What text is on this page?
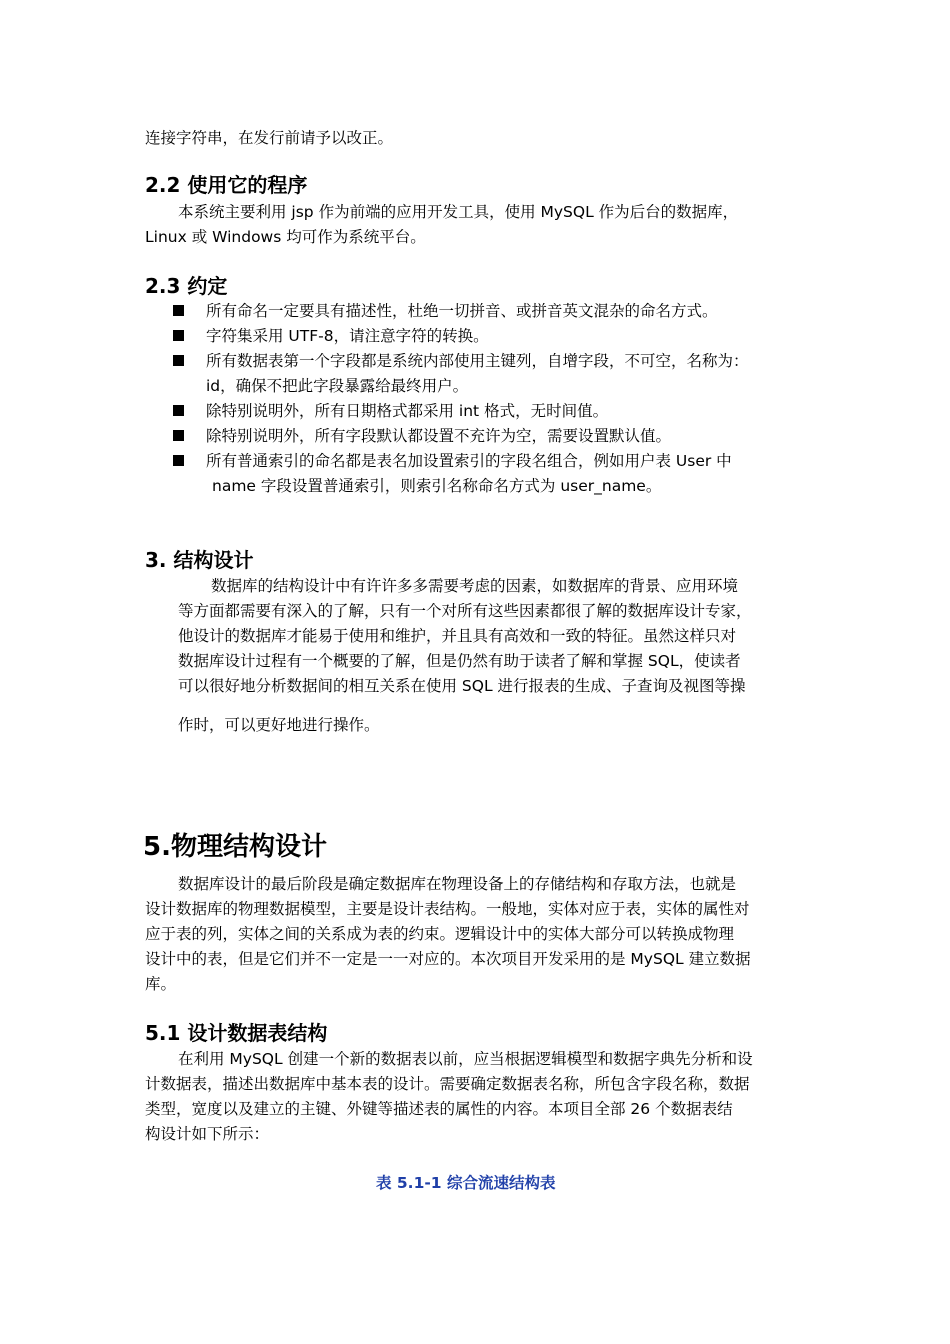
连接字符串，在发行前请予以改正。
2.2 使用它的程序
本系统主要利用 jsp 作为前端的应用开发工具，使用 MySQL 作为后台的数据库，
Linux 或 Windows 均可作为系统平台。
2.3 约定
所有命名一定要具有描述性，杜绝一切拼音、或拼音英文混杂的命名方式。
字符集采用 UTF-8，请注意字符的转换。
所有数据表第一个字段都是系统内部使用主键列，自增字段，不可空，名称为：
id，确保不把此字段暴露给最终用户。
除特别说明外，所有日期格式都采用 int 格式，无时间值。
除特别说明外，所有字段默认都设置不充许为空，需要设置默认值。
所有普通索引的命名都是表名加设置索引的字段名组合，例如用户表 User 中
name 字段设置普通索引，则索引名称命名方式为 user_name。
3. 结构设计
数据库的结构设计中有许许多多需要考虑的因素，如数据库的背景、应用环境
等方面都需要有深入的了解，只有一个对所有这些因素都很了解的数据库设计专家，
他设计的数据库才能易于使用和维护，并且具有高效和一致的特征。虽然这样只对
数据库设计过程有一个概要的了解，但是仍然有助于读者了解和掌握 SQL，使读者
可以很好地分析数据间的相互关系在使用 SQL 进行报表的生成、子查询及视图等操
作时，可以更好地进行操作。
5.物理结构设计
数据库设计的最后阶段是确定数据库在物理设备上的存储结构和存取方法，也就是
设计数据库的物理数据模型，主要是设计表结构。一般地，实体对应于表，实体的属性对
应于表的列，实体之间的关系成为表的约束。逻辑设计中的实体大部分可以转换成物理
设计中的表，但是它们并不一定是一一对应的。本次项目开发采用的是 MySQL 建立数据
库。
5.1 设计数据表结构
在利用 MySQL 创建一个新的数据表以前，应当根据逻辑模型和数据字典先分析和设
计数据表，描述出数据库中基本表的设计。需要确定数据表名称，所包含字段名称，数据
类型，宽度以及建立的主键、外键等描述表的属性的内容。本项目全部 26 个数据表结
构设计如下所示：
表 5.1-1 综合流速结构表
